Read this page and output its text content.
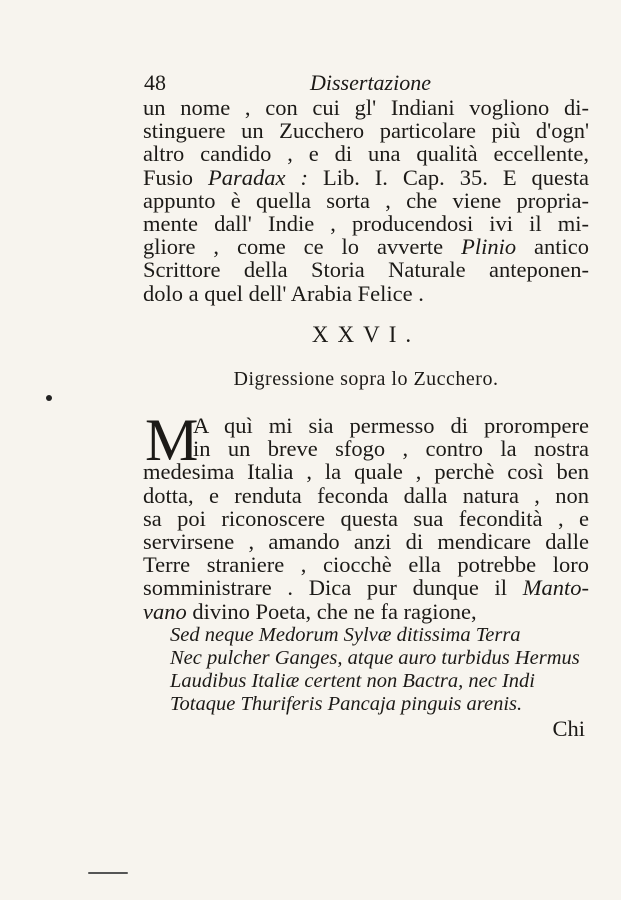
48	Dissertazione
un nome , con cui gl' Indiani vogliono di-
stinguere un Zucchero particolare più d'ogn'
altro candido , e di una qualità eccellente,
Fusio Paradax : Lib. I. Cap. 35. E questa
appunto è quella sorta , che viene propria-
mente dall' Indie , producendosi ivi il mi-
gliore , come ce lo avverte Plinio antico
Scrittore della Storia Naturale anteponen-
dolo a quel dell' Arabia Felice .
XXVI.
Digressione sopra lo Zucchero.
M
A quì mi sia permesso di prorompere
in un breve sfogo , contro la nostra
medesima Italia , la quale , perchè così ben
dotta, e renduta feconda dalla natura , non
sa poi riconoscere questa sua fecondità , e
servirsene , amando anzi di mendicare dalle
Terre straniere , ciocchè ella potrebbe loro
somministrare . Dica pur dunque il Manto-
vano divino Poeta, che ne fa ragione,
Sed neque Medorum Sylvæ ditissima Terra
Nec pulcher Ganges, atque auro turbidus Hermus
Laudibus Italiæ certent non Bactra, nec Indi
Totaque Thuriferis Pancaja pinguis arenis.
Chi
